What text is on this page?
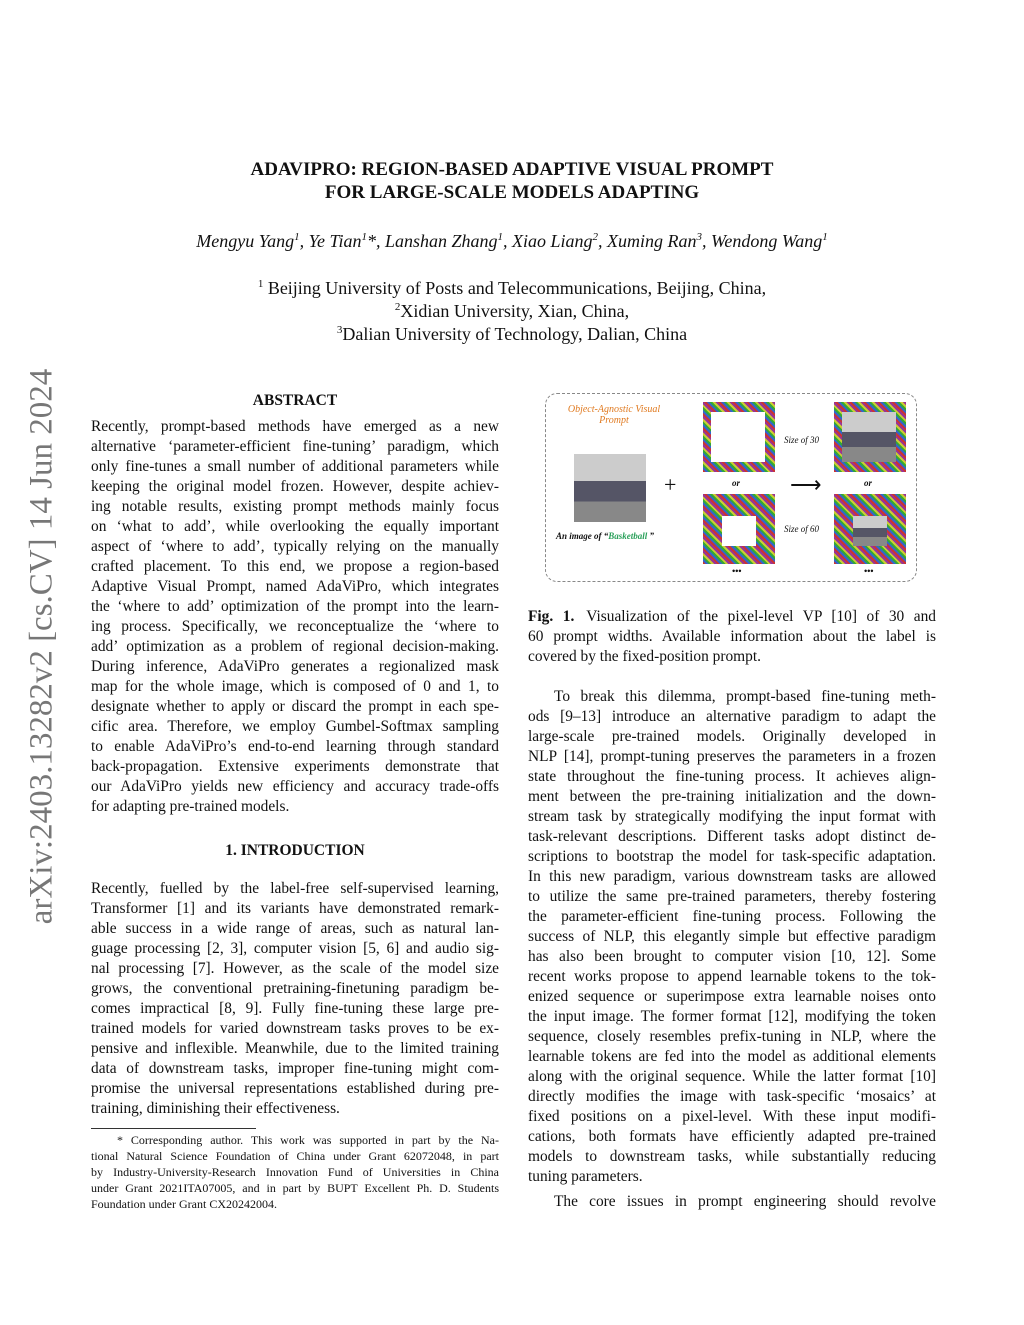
arXiv:2403.13282v2 [cs.CV] 14 Jun 2024
ADAVIPRO: REGION-BASED ADAPTIVE VISUAL PROMPT
FOR LARGE-SCALE MODELS ADAPTING
Mengyu Yang$^1$, Ye Tian$^1$*, Lanshan Zhang$^1$, Xiao Liang$^2$, Xuming Ran$^3$, Wendong Wang$^1$
$^1$ Beijing University of Posts and Telecommunications, Beijing, China,
$^2$Xidian University, Xian, China,
$^3$Dalian University of Technology, Dalian, China
ABSTRACT
Recently, prompt-based methods have emerged as a new
alternative ‘parameter-efficient fine-tuning’ paradigm, which
only fine-tunes a small number of additional parameters while
keeping the original model frozen. However, despite achiev-
ing notable results, existing prompt methods mainly focus
on ‘what to add’, while overlooking the equally important
aspect of ‘where to add’, typically relying on the manually
crafted placement. To this end, we propose a region-based
Adaptive Visual Prompt, named AdaViPro, which integrates
the ‘where to add’ optimization of the prompt into the learn-
ing process. Specifically, we reconceptualize the ‘where to
add’ optimization as a problem of regional decision-making.
During inference, AdaViPro generates a regionalized mask
map for the whole image, which is composed of 0 and 1, to
designate whether to apply or discard the prompt in each spe-
cific area. Therefore, we employ Gumbel-Softmax sampling
to enable AdaViPro’s end-to-end learning through standard
back-propagation. Extensive experiments demonstrate that
our AdaViPro yields new efficiency and accuracy trade-offs
for adapting pre-trained models.
1. INTRODUCTION
Recently, fuelled by the label-free self-supervised learning,
Transformer [1] and its variants have demonstrated remark-
able success in a wide range of areas, such as natural lan-
guage processing [2, 3], computer vision [5, 6] and audio sig-
nal processing [7]. However, as the scale of the model size
grows, the conventional pretraining-finetuning paradigm be-
comes impractical [8, 9]. Fully fine-tuning these large pre-
trained models for varied downstream tasks proves to be ex-
pensive and inflexible. Meanwhile, due to the limited training
data of downstream tasks, improper fine-tuning might com-
promise the universal representations established during pre-
training, diminishing their effectiveness.
* Corresponding author. This work was supported in part by the Na-
tional Natural Science Foundation of China under Grant 62072048, in part
by Industry-University-Research Innovation Fund of Universities in China
under Grant 2021ITA07005, and in part by BUPT Excellent Ph. D. Students
Foundation under Grant CX20242004.
Object-Agnostic Visual Prompt
An image of “Basketball ”
+	or
•••
Size of 30
⟶
Size of 60
or
•••
Fig. 1. Visualization of the pixel-level VP [10] of 30 and
60 prompt widths. Available information about the label is
covered by the fixed-position prompt.
To break this dilemma, prompt-based fine-tuning meth-
ods [9–13] introduce an alternative paradigm to adapt the
large-scale pre-trained models. Originally developed in
NLP [14], prompt-tuning preserves the parameters in a frozen
state throughout the fine-tuning process. It achieves align-
ment between the pre-training initialization and the down-
stream task by strategically modifying the input format with
task-relevant descriptions. Different tasks adopt distinct de-
scriptions to bootstrap the model for task-specific adaptation.
In this new paradigm, various downstream tasks are allowed
to utilize the same pre-trained parameters, thereby fostering
the parameter-efficient fine-tuning process. Following the
success of NLP, this elegantly simple but effective paradigm
has also been brought to computer vision [10, 12]. Some
recent works propose to append learnable tokens to the tok-
enized sequence or superimpose extra learnable noises onto
the input image. The former format [12], modifying the token
sequence, closely resembles prefix-tuning in NLP, where the
learnable tokens are fed into the model as additional elements
along with the original sequence. While the latter format [10]
directly modifies the image with task-specific ‘mosaics’ at
fixed positions on a pixel-level. With these input modifi-
cations, both formats have efficiently adapted pre-trained
models to downstream tasks, while substantially reducing
tuning parameters.
The core issues in prompt engineering should revolve
